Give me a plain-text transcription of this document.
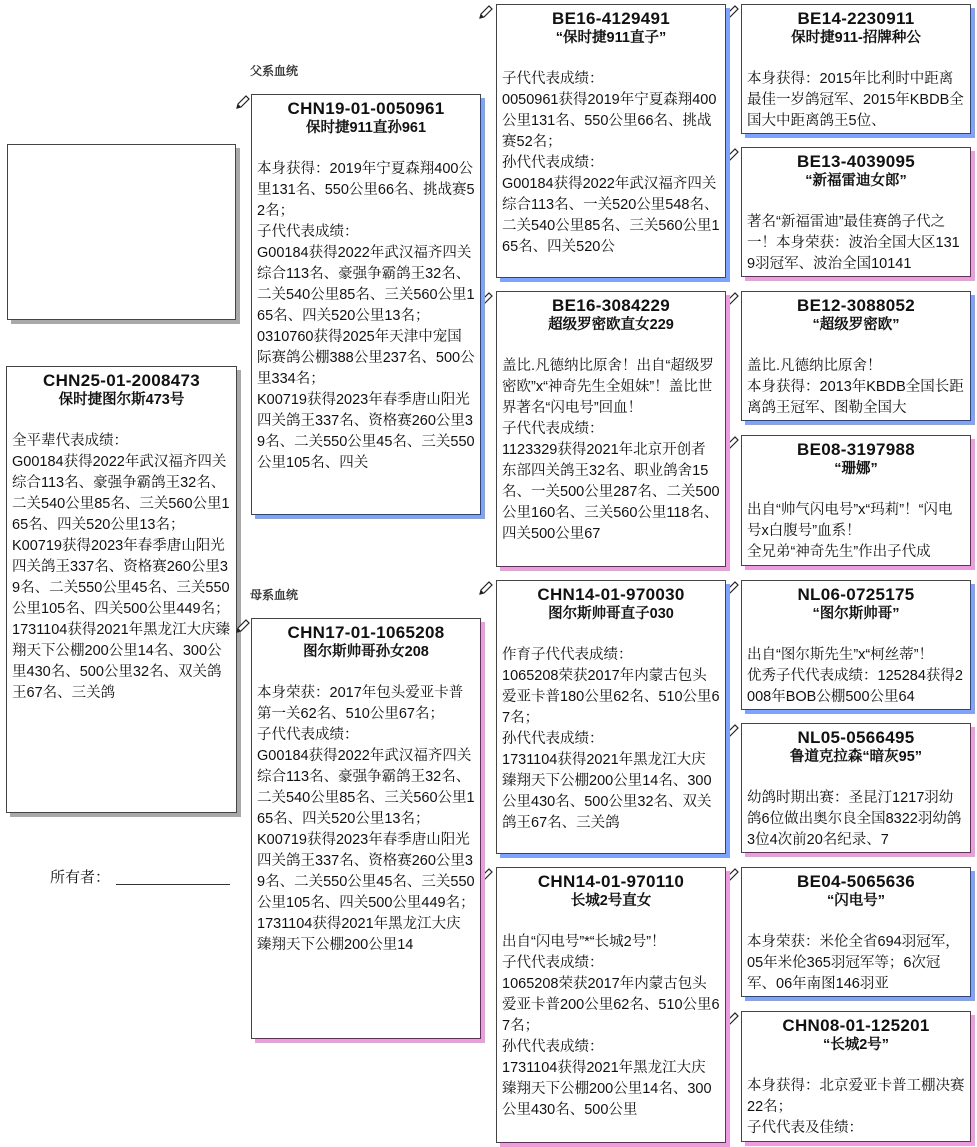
父系血统
母系血统
CHN25-01-2008473
保时捷图尔斯473号
全平辈代表成绩：
G00184获得2022年武汉福齐四关综合113名、豪强争霸鸽王32名、二关540公里85名、三关560公里165名、四关520公里13名；
K00719获得2023年春季唐山阳光四关鸽王337名、资格赛260公里39名、二关550公里45名、三关550公里105名、四关500公里449名；
1731104获得2021年黑龙江大庆臻翔天下公棚200公里14名、300公里430名、500公里32名、双关鸽王67名、三关鸽
所有者：
CHN19-01-0050961
保时捷911直孙961
本身获得：2019年宁夏森翔400公里131名、550公里66名、挑战赛52名；
子代代表成绩：
G00184获得2022年武汉福齐四关综合113名、豪强争霸鸽王32名、二关540公里85名、三关560公里165名、四关520公里13名；
0310760获得2025年天津中宠国际赛鸽公棚388公里237名、500公里334名；
K00719获得2023年春季唐山阳光四关鸽王337名、资格赛260公里39名、二关550公里45名、三关550公里105名、四关
CHN17-01-1065208
图尔斯帅哥孙女208
本身荣获：2017年包头爱亚卡普第一关62名、510公里67名；
子代代表成绩：
G00184获得2022年武汉福齐四关综合113名、豪强争霸鸽王32名、二关540公里85名、三关560公里165名、四关520公里13名；
K00719获得2023年春季唐山阳光四关鸽王337名、资格赛260公里39名、二关550公里45名、三关550公里105名、四关500公里449名；
1731104获得2021年黑龙江大庆臻翔天下公棚200公里14
BE16-4129491
“保时捷911直子”
子代代表成绩：
0050961获得2019年宁夏森翔400公里131名、550公里66名、挑战赛52名；
孙代代表成绩：
G00184获得2022年武汉福齐四关综合113名、一关520公里548名、二关540公里85名、三关560公里165名、四关520公
BE16-3084229
超级罗密欧直女229
盖比.凡德纳比原舍！出自“超级罗密欧”x“神奇先生全姐妹”！盖比世界著名“闪电号”回血！
子代代表成绩：
1123329获得2021年北京开创者东部四关鸽王32名、职业鸽舍15名、一关500公里287名、二关500公里160名、三关560公里118名、四关500公里67
CHN14-01-970030
图尔斯帅哥直子030
作育子代代表成绩：
1065208荣获2017年内蒙古包头爱亚卡普180公里62名、510公里67名；
孙代代表成绩：
1731104获得2021年黑龙江大庆臻翔天下公棚200公里14名、300公里430名、500公里32名、双关鸽王67名、三关鸽
CHN14-01-970110
长城2号直女
出自“闪电号”*“长城2号”！
子代代表成绩：
1065208荣获2017年内蒙古包头爱亚卡普200公里62名、510公里67名；
孙代代表成绩：
1731104获得2021年黑龙江大庆臻翔天下公棚200公里14名、300公里430名、500公里
BE14-2230911
保时捷911-招牌种公
本身获得：2015年比利时中距离最佳一岁鸽冠军、2015年KBDB全国大中距离鸽王5位、
BE13-4039095
“新福雷迪女郎”
著名“新福雷迪”最佳赛鸽子代之一！本身荣获：波治全国大区1319羽冠军、波治全国10141
BE12-3088052
“超级罗密欧”
盖比.凡德纳比原舍！
本身获得：2013年KBDB全国长距离鸽王冠军、图勒全国大
BE08-3197988
“珊娜”
出自“帅气闪电号”x“玛莉”！“闪电号x白腹号”血系！
全兄弟“神奇先生”作出子代成
NL06-0725175
“图尔斯帅哥”
出自“图尔斯先生”x“柯丝蒂”！
优秀子代代表成绩：125284获得2008年BOB公棚500公里64
NL05-0566495
鲁道克拉森“暗灰95”
幼鸽时期出赛：圣昆汀1217羽幼鸽6位做出奥尔良全国8322羽幼鸽3位4次前20名纪录、7
BE04-5065636
“闪电号”
本身荣获：米伦全省694羽冠军，05年米伦365羽冠军等；6次冠军、06年南图146羽亚
CHN08-01-125201
“长城2号”
本身获得：北京爱亚卡普工棚决赛22名；
子代代表及佳绩：
